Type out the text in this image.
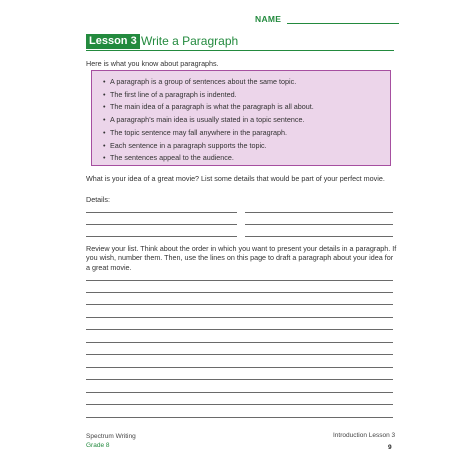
NAME
Lesson 3 Write a Paragraph
Here is what you know about paragraphs.
• A paragraph is a group of sentences about the same topic.
• The first line of a paragraph is indented.
• The main idea of a paragraph is what the paragraph is all about.
• A paragraph’s main idea is usually stated in a topic sentence.
• The topic sentence may fall anywhere in the paragraph.
• Each sentence in a paragraph supports the topic.
• The sentences appeal to the audience.
What is your idea of a great movie? List some details that would be part of your perfect movie.
Details:
Review your list. Think about the order in which you want to present your details in a paragraph. If you wish, number them. Then, use the lines on this page to draft a paragraph about your idea for a great movie.
Spectrum Writing
Grade 8
Introduction Lesson 3
9
